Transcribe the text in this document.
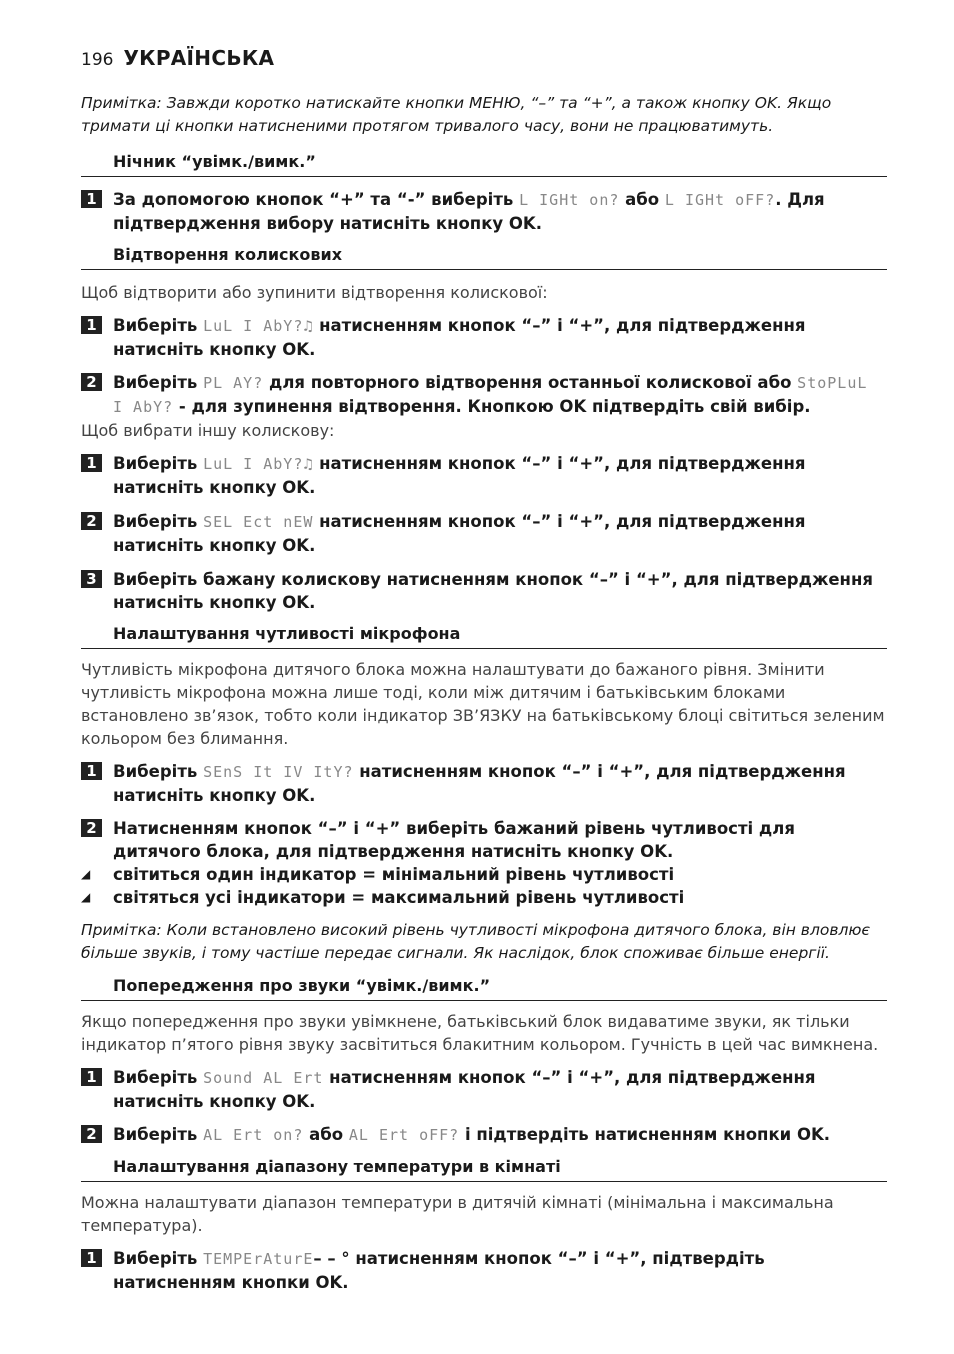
196 УКРАЇНСЬКА

Примітка: Завжди коротко натискайте кнопки МЕНЮ, “–” та “+”, а також кнопку OK. Якщо

тримати ці кнопки натисненими протягом тривалого часу, вони не працюватимуть.

Нічник “увімк./вимк.”
1 За допомогою кнопок “+” та “-” виберіть L IGHt on? або L IGHt oFF?. Для підтвердження вибору натисніть кнопку OK.
Відтворення колискових

Щоб відтворити або зупинити відтворення колискової:

1 Виберіть LuL I AbY?♫ натисненням кнопок “–” і “+”, для підтвердження натисніть кнопку OK.
2 Виберіть PL AY? для повторного відтворення останньої колискової або StoPLuL I AbY? - для зупинення відтворення. Кнопкою OK підтвердіть свій вибір.

Щоб вибрати іншу колискову:

1 Виберіть LuL I AbY?♫ натисненням кнопок “–” і “+”, для підтвердження натисніть кнопку OK.
2 Виберіть SEL Ect nEW натисненням кнопок “–” і “+”, для підтвердження натисніть кнопку OK.
3 Виберіть бажану колискову натисненням кнопок “–” і “+”, для підтвердження натисніть кнопку OK.
Налаштування чутливості мікрофона

Чутливість мікрофона дитячого блока можна налаштувати до бажаного рівня. Змінити чутливість мікрофона можна лише тоді, коли між дитячим і батьківським блоками встановлено зв’язок, тобто коли індикатор ЗВ’ЯЗКУ на батьківському блоці світиться зеленим кольором без блимання.

1 Виберіть SEnS It IV ItY? натисненням кнопок “–” і “+”, для підтвердження натисніть кнопку OK.
2 Натисненням кнопок “–” і “+” виберіть бажаний рівень чутливості для дитячого блока, для підтвердження натисніть кнопку OK.
◢	світиться один індикатор = мінімальний рівень чутливості
◢	світяться усі індикатори = максимальний рівень чутливості

Примітка: Коли встановлено високий рівень чутливості мікрофона дитячого блока, він вловлює

більше звуків, і тому частіше передає сигнали. Як наслідок, блок споживає більше енергії.

Попередження про звуки “увімк./вимк.”

Якщо попередження про звуки увімкнене, батьківський блок видаватиме звуки, як тільки індикатор п’ятого рівня звуку засвітиться блакитним кольором. Гучність в цей час вимкнена.

1 Виберіть Sound AL Ert натисненням кнопок “–” і “+”, для підтвердження натисніть кнопку OK.
2 Виберіть AL Ert on? або AL Ert oFF? і підтвердіть натисненням кнопки OK.
Налаштування діапазону температури в кімнаті

Можна налаштувати діапазон температури в дитячій кімнаті (мінімальна і максимальна температура).

1 Виберіть TEMPErAturE– – ° натисненням кнопок “–” і “+”, підтвердіть натисненням кнопки OK.
